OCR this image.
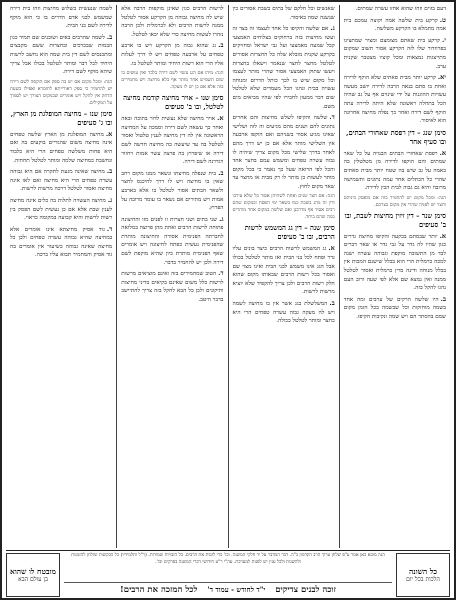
דעם בזוים וזהו שהוא אחזו עשרה שמתים.
ט.קרקע בית שלשה אמה וקוצה עמכם בית אמה מתמלא בו הקרקע משלשה.
י.קרקע בית שאתם מצומצם ומציר שמתציגו בפרוזדור שלו לזה הקרקע אסור תשוב שמקום מתייצגות נמצאות ומכל קוציו מצטבר שקנית ערב.
יא.קרקע יותר מבית סאתים שלא הוקף לדירה ואחת בו סתם בנאה הרבה לדירה יושב מעשה עשויות ההוגנות על ידי שינוים אף על גב שהיה הכל בתחלה ראשונה שלא היתה לדירה עתה הוקף לשם דירה ואחר כך נפלה מחיצה אחרונה הוא לאיסור.
סימן שנג – דין רפסת שאחורי הבתים, ובו סעיף אחד
א.רפסת שאחורי הבתים הבנויה על כל שאר שמתים והם הוקפו לדירה מן מטלטלין בה באמה על גב שיש בה שטח יותר מבית סאתים שהרי כל הכתלים אחר עמה נתונים ותשמישה מרובה והיא גם גבוה לבית הכין לדירה.
הגה: ומכל מקום יש להחמיר בזה אם מופסק ביניהם וחצר יש לפניה שהרי אין מקום בצרכם.
סימן שנד – דין זיזין מחיצות לשבת, ובו ב' סעיפים
א.יותר שבסתם בבקעה והקיפו מחיצת גדרים כגון שהיו לה גדר על גבי גדר או שאר דברים לבד מן התשובה מוקפת וגבוהה עשרה ישנה למכה כרמלית הרי הוא בכלל שישנם המכות אין בכלל מנוחה ודינה כדין כרמלית ואסור לטלטל ממנה ואין נמצא שם אלא לפי שעה ורוב העם נהגו להקל בזה.
ב.היו שלשה הרקים של ערבים ומה אחד בשמה מוחזקות וכל שבשמה בכל הזמן מקום שמם בהסתר הם ויש שמה ונקיבות הקיפו.
שאנשים וכל חלקם של בתים בשבת אסורים כין שנשנה שמה באיסור.
ג.אם שלשה והקיפו כל אחד לעצמו זה בצד זה ועשו מחיצות בזה ברחוקים בצלוחים האמצעי קבל שמעה מאמצעי ועל גבי ישראל ומחזיקים בקרקע שקנית מובלא שלה כל החצרות אסורים לטלטל מחצר לחצר שנאמר וישאלו בחצרות ויעשו שתוק האמצעי אסור שהרי מותר לעצמו וכל מקום שיש בו לכך כותל הדרום ומנוחה עשויה בבית ונהגו הכל מעמדים שלא לטלטל שום דבר ממעון לחבירו לפי שהיו מביאים מים משם.
ד.שלשה והקיפו לשלש מחיצות והם אחרים נתונים להם ושנים מהם מגיעים זה לזה ושלישי שאינו מגיע אסור בשניהם ואם הוקפו ארבעה אין השלישי מותר אלא אם כן יש דרך מהם לאחר בדרך שלישי מכל מקום צריך שיהיה לו גבוה עשרה טפחים ומשמש עמם בחצר אחד והכל לפי הרואה שעל כך נאמר כי בכל מקום מותר לעשות כן מותר לו רק מבית או מחצר עד שאר מקום לחוץ.
הגה: אם חצר שנים ואחת לשתיהן אסור כל שלא עירבו ודין זה נוהג בשבת כמו בשאר ימי הפסח ובמקום שהם רבים אסור אף מדרבנן ואם שלשה במקום אחד מותרים במה שהם ביחד.
סימן שנה – דין גג המשמש לרשות הרבים, ובו ב' סעיפים
א.גג המשמש לרשות הרבים כיצד בונים עליו גדר ופתח לכל בני הבית ואז מותר לטלטל בכולו אבל הגג אינו משמש לבני הבית ואינו מצוי שם ואסור בכל רשות הרבים שבאותו מקום שהוא חלק רשות הרבים ולכן צריך להקפיד שלא יוציא מרשות לרשות.
ב.המשלשלת בגג אשר אין בו מחיצה לשמה ויש לה מעקה גבוה עשרה טפחים הרי היא כחצר ומותר לטלטל בכולה.
לרשות הרבים כגון שאינן מוקפות הרבה אלא שיש לה מחיצה גבוהה מן הקרקע אסור לטלטל ממנה לרשות הרבים ולא לכרמלית ולכן הרבה נזהרו לעשות מחיצה כדי שלא יבאו לטלטל.
ב.גג שהוא גבוה מן הקרקע ויש בו ארבע טפחים על ארבעה טפחים ויש לו דרך לעלות אליו הרי הוא רשות היחיד ומותר לטלטל בו.
הגה: מיהו אם הגג עשוי לשם דירה בלבד ואין עושים בו שום תשמיש אחר מותר אף בלא מחיצה ויש מחמירים בזה אלא אם כן יש לו מעקה.
סימן שנו – אויר מחיצה קודמת מחיצה לטלטל, ובו ב' סעיפים
א.אויר מחיצה שלא נעשית לדור בתוכה ובאה ואחר כך עשאה לשם דירה וסמכה על המחיצה הראשונה אין לה דין מחיצה לענין טלטול ואסור לטלטל בה עד שיעשה בה מחיצה חדשה לשם דירה או שיפרוץ בה פרצה עשר אמות ויחזור ויגדרנה לשם דירה.
ב.בית שנפלה מחיצתו ונשאר ממנו מקום רחב שאין בו מחיצה ויש לו דרך להיכנס לחצר ולשאר הבתים אסור לטלטל בו אלא בארבע אמות ויש מתירים אם נשאר בו עומד מרובה על הפרוץ.
ג.שני בתים ושני חצרות זו לפנים מזו והחיצונה פתוחה לרשות הרבים ואחת מהן פרוצה במלואה לחברתה הפנימית אסורה והחיצונה מותרת שהפנימית נעשית כפתח לחיצונה ויש אומרים שאף הפנימית מותרת כיון שהיא מוקפת לשם דירה ולכן יש להחמיר בדבר.
ד.הטוב שמחמירים בזה ואינם מוציאים מרשות לרשות כלל משום שאינם בקיאים בדיני מחיצות ותיקונים ולכן כל הבא להקל בזה צריך להתיישב בדבר היטב.
לשמה שנעשית בשלוש מחיצות וזהו בית דירה שמשמש לבני אדם הדרים בו כי הוא מוקף לדירה לשם בני הבית.
ב.לשמה שהרבים באים ושוכנים שם תמיד כגון הבמות שבכרכים ובחצרות ששם מקבצים ומתכנסים לשם דין בית שמה הוא נחשב לרשות היחיד לכל דבר ומותר לטלטל בכולו אבל צריך שיהא מוקף לשם דירה.
הגה: ומכל מקום אם יש בה ספק אם הוקפה לשם דירה יש להחמיר כי ספק דאורייתא לחומרא ואפילו בשעת הדחק אין להקל ויש אומרים שבמקום הצורך יש לסמוך על המקילים.
סימן שנז – מחיצה המופלגת מן הארץ, ובו ג' סעיפים
א.מחיצה המופלגת מן הארץ שלשה טפחים אינה מחיצה משום שהגדיים בוקעים בה ואם היא פחות משלשה טפחים הרי היא כלבוד ונחשבת כמחיצה שלמה ומותר לטלטל תחתיה.
ב.מחיצה שאינה מגעת לתקרה אם היא גבוהה עשרה טפחים הרי היא מחיצה ואם לאו אינה מחיצה ואסור לטלטל דרכה מרשות לרשות.
ג.מחיצה העשויה לתלות בה כלים אינה מחיצה לענין שבת אלא אם כן נעשית לשם הפסק בין רשות לרשות והיא קבועה במקומה כראוי.
ד.גוד אסיק מחיצתא אינו אומרים אלא במחיצה שהיא גבוהה עשרה טפחים ולכן כל מחיצה שאינה גבוהה כשיעור אין אומרים בה גוד אסיק והמחמיר תבוא עליו ברכה.
כל השונה
הלכות בכל יום
הגה מובא כאן אמר ע"פ שלחן ערוך הרב הקדמון ב"ה. דבר המדבר על יד חלקי המשנה. וכו' כדי לזכות את הרבים. כל הזכויות שמורות. (ר"ל ותלמידיו) כל הבקשות שולחן להזמנות ולהשגות ולכל ענין יש לפנות למערכת. עה"י ר"ע חידושי דברי המשנה בפרקים וכו'.
זוכה לבנים צדיקים
י"ד לחודש - עמוד ד'
לכל המזכה את הרבים!
מובטח לו שהוא
בן עולם הבא
